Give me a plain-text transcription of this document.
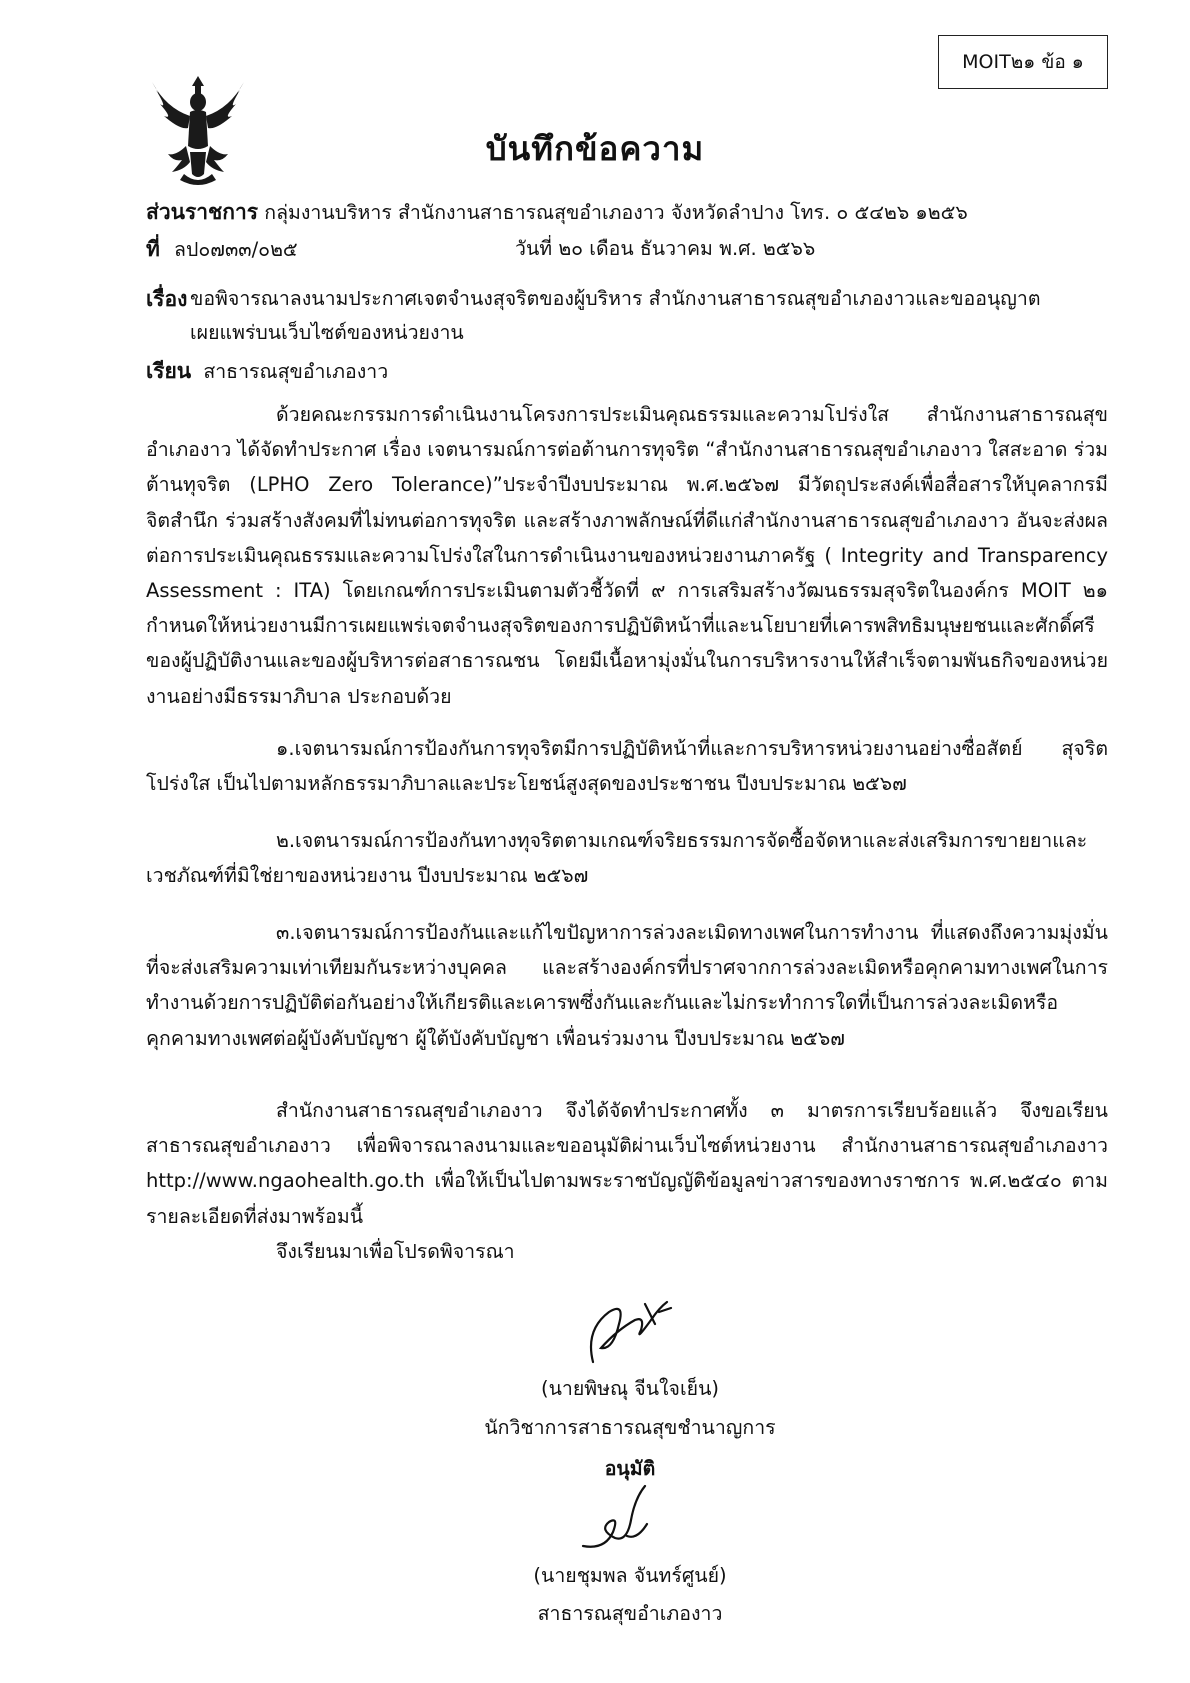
MOIT๒๑ ข้อ ๑
บันทึกข้อความ
ส่วนราชการ กลุ่มงานบริหาร สำนักงานสาธารณสุขอำเภองาว จังหวัดลำปาง โทร. ๐ ๕๔๒๖ ๑๒๕๖
ที่ ลป๐๗๓๓/๐๒๕	วันที่ ๒๐ เดือน ธันวาคม พ.ศ. ๒๕๖๖
เรื่อง ขอพิจารณาลงนามประกาศเจตจำนงสุจริตของผู้บริหาร สำนักงานสาธารณสุขอำเภองาวและขออนุญาต
เผยแพร่บนเว็บไซต์ของหน่วยงาน
เรียน สาธารณสุขอำเภองาว

ด้วยคณะกรรมการดำเนินงานโครงการประเมินคุณธรรมและความโปร่งใส สำนักงานสาธารณสุขอำเภองาว ได้จัดทำประกาศ เรื่อง เจตนารมณ์การต่อต้านการทุจริต “สำนักงานสาธารณสุขอำเภองาว ใสสะอาด ร่วมต้านทุจริต (LPHO Zero Tolerance)”ประจำปีงบประมาณ พ.ศ.๒๕๖๗ มีวัตถุประสงค์เพื่อสื่อสารให้บุคลากรมีจิตสำนึก ร่วมสร้างสังคมที่ไม่ทนต่อการทุจริต และสร้างภาพลักษณ์ที่ดีแก่สำนักงานสาธารณสุขอำเภองาว อันจะส่งผลต่อการประเมินคุณธรรมและความโปร่งใสในการดำเนินงานของหน่วยงานภาครัฐ ( Integrity and Transparency Assessment : ITA) โดยเกณฑ์การประเมินตามตัวชี้วัดที่ ๙ การเสริมสร้างวัฒนธรรมสุจริตในองค์กร MOIT ๒๑ กำหนดให้หน่วยงานมีการเผยแพร่เจตจำนงสุจริตของการปฏิบัติหน้าที่และนโยบายที่เคารพสิทธิมนุษยชนและศักดิ์ศรีของผู้ปฏิบัติงานและของผู้บริหารต่อสาธารณชน โดยมีเนื้อหามุ่งมั่นในการบริหารงานให้สำเร็จตามพันธกิจของหน่วยงานอย่างมีธรรมาภิบาล ประกอบด้วย

๑.เจตนารมณ์การป้องกันการทุจริตมีการปฏิบัติหน้าที่และการบริหารหน่วยงานอย่างซื่อสัตย์ สุจริต โปร่งใส เป็นไปตามหลักธรรมาภิบาลและประโยชน์สูงสุดของประชาชน ปีงบประมาณ ๒๕๖๗

๒.เจตนารมณ์การป้องกันทางทุจริตตามเกณฑ์จริยธรรมการจัดซื้อจัดหาและส่งเสริมการขายยาและเวชภัณฑ์ที่มิใช่ยาของหน่วยงาน ปีงบประมาณ ๒๕๖๗

๓.เจตนารมณ์การป้องกันและแก้ไขปัญหาการล่วงละเมิดทางเพศในการทำงาน ที่แสดงถึงความมุ่งมั่นที่จะส่งเสริมความเท่าเทียมกันระหว่างบุคคล และสร้างองค์กรที่ปราศจากการล่วงละเมิดหรือคุกคามทางเพศในการทำงานด้วยการปฏิบัติต่อกันอย่างให้เกียรติและเคารพซึ่งกันและกันและไม่กระทำการใดที่เป็นการล่วงละเมิดหรือคุกคามทางเพศต่อผู้บังคับบัญชา ผู้ใต้บังคับบัญชา เพื่อนร่วมงาน ปีงบประมาณ ๒๕๖๗

สำนักงานสาธารณสุขอำเภองาว จึงได้จัดทำประกาศทั้ง ๓ มาตรการเรียบร้อยแล้ว จึงขอเรียนสาธารณสุขอำเภองาว เพื่อพิจารณาลงนามและขออนุมัติผ่านเว็บไซต์หน่วยงาน สำนักงานสาธารณสุขอำเภองาว http://www.ngaohealth.go.th เพื่อให้เป็นไปตามพระราชบัญญัติข้อมูลข่าวสารของทางราชการ พ.ศ.๒๕๔๐ ตามรายละเอียดที่ส่งมาพร้อมนี้

จึงเรียนมาเพื่อโปรดพิจารณา

(นายพิษณุ จีนใจเย็น)
นักวิชาการสาธารณสุขชำนาญการ
อนุมัติ
(นายชุมพล จันทร์ศูนย์)
สาธารณสุขอำเภองาว
